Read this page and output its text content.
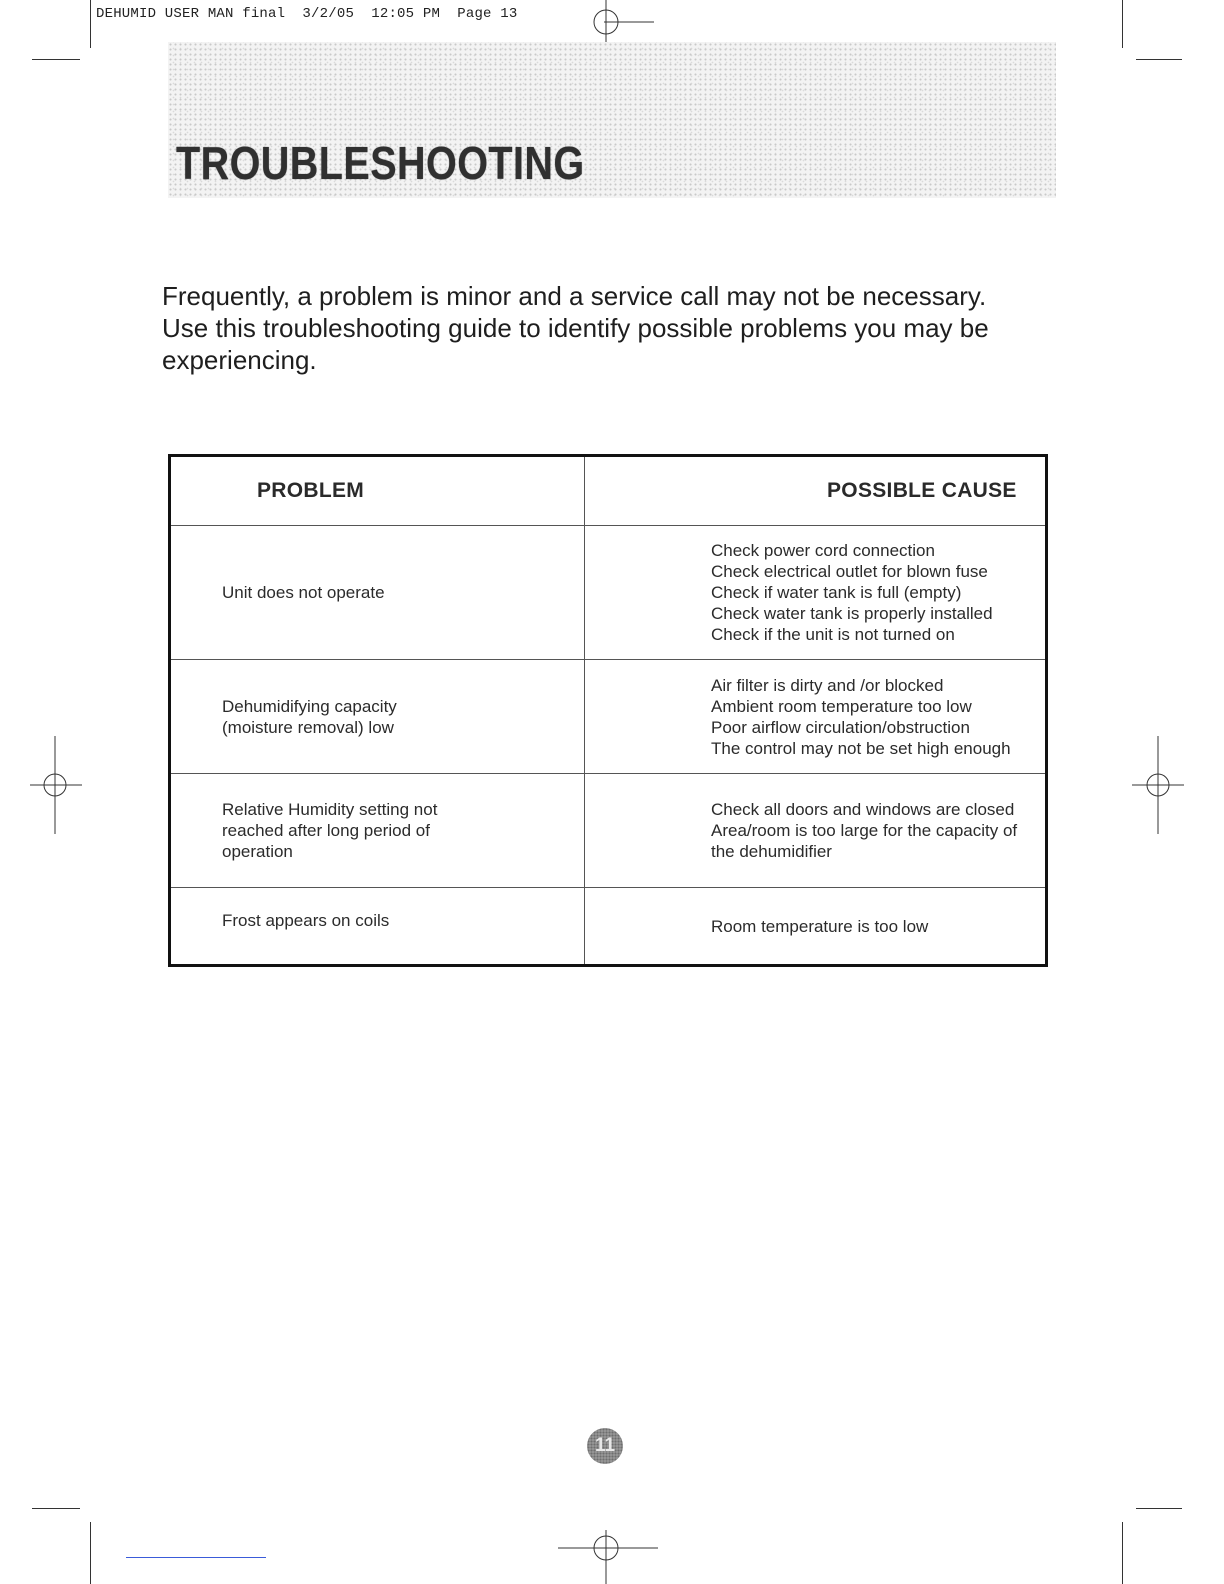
DEHUMID USER MAN final  3/2/05  12:05 PM  Page 13
TROUBLESHOOTING
Frequently, a problem is minor and a service call may not be necessary. Use this troubleshooting guide to identify possible problems you may be experiencing.
PROBLEM	POSSIBLE CAUSE

Unit does not operate	Check power cord connection
Check electrical outlet for blown fuse
Check if water tank is full (empty)
Check water tank is properly installed
Check if the unit is not turned on

Dehumidifying capacity
(moisture removal) low	Air filter is dirty and /or blocked
Ambient room temperature too low
Poor airflow circulation/obstruction
The control may not be set high enough

Relative Humidity setting not
reached after long period of
operation	Check all doors and windows are closed
Area/room is too large for the capacity of
the dehumidifier

Frost appears on coils	Room temperature is too low
11
